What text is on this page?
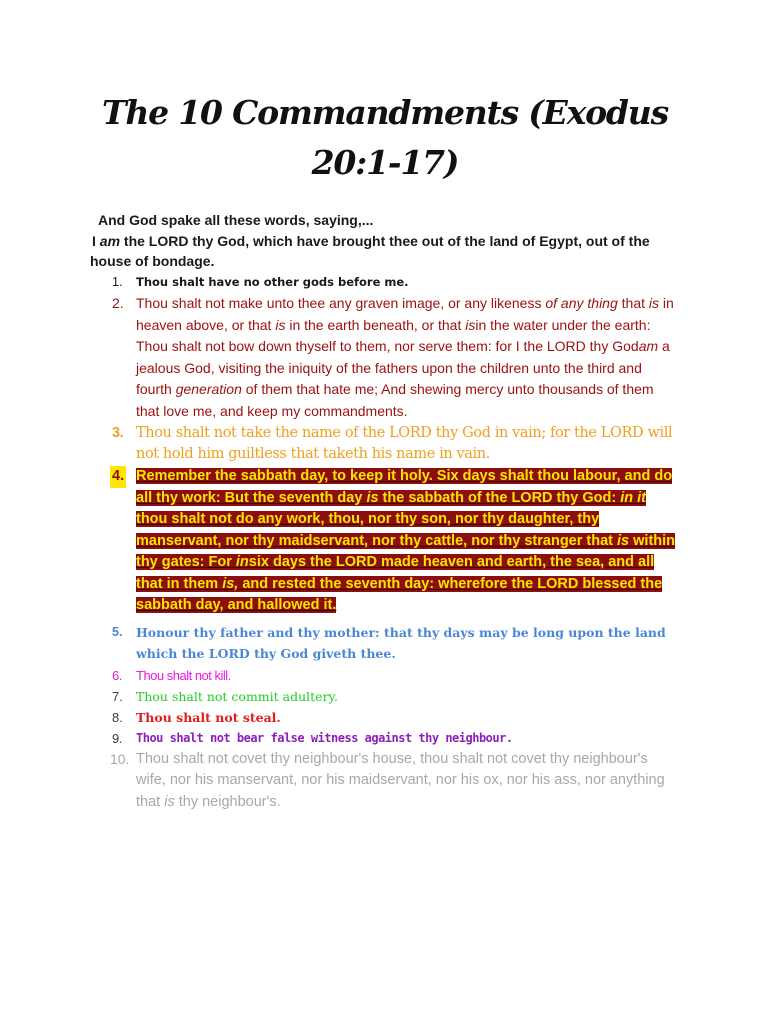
The 10 Commandments (Exodus 20:1-17)
And God spake all these words, saying,...
I am the LORD thy God, which have brought thee out of the land of Egypt, out of the house of bondage.
1. Thou shalt have no other gods before me.
2. Thou shalt not make unto thee any graven image, or any likeness of any thing that is in heaven above, or that is in the earth beneath, or that isin the water under the earth: Thou shalt not bow down thyself to them, nor serve them: for I the LORD thy Godam a jealous God, visiting the iniquity of the fathers upon the children unto the third and fourth generation of them that hate me; And shewing mercy unto thousands of them that love me, and keep my commandments.
3. Thou shalt not take the name of the LORD thy God in vain; for the LORD will not hold him guiltless that taketh his name in vain.
4. Remember the sabbath day, to keep it holy. Six days shalt thou labour, and do all thy work: But the seventh day is the sabbath of the LORD thy God: in it thou shalt not do any work, thou, nor thy son, nor thy daughter, thy manservant, nor thy maidservant, nor thy cattle, nor thy stranger that is within thy gates: For insix days the LORD made heaven and earth, the sea, and all that in them is, and rested the seventh day: wherefore the LORD blessed the sabbath day, and hallowed it.
5. Honour thy father and thy mother: that thy days may be long upon the land which the LORD thy God giveth thee.
6. Thou shalt not kill.
7. Thou shalt not commit adultery.
8. Thou shalt not steal.
9. Thou shalt not bear false witness against thy neighbour.
10. Thou shalt not covet thy neighbour's house, thou shalt not covet thy neighbour's wife, nor his manservant, nor his maidservant, nor his ox, nor his ass, nor anything that is thy neighbour's.
